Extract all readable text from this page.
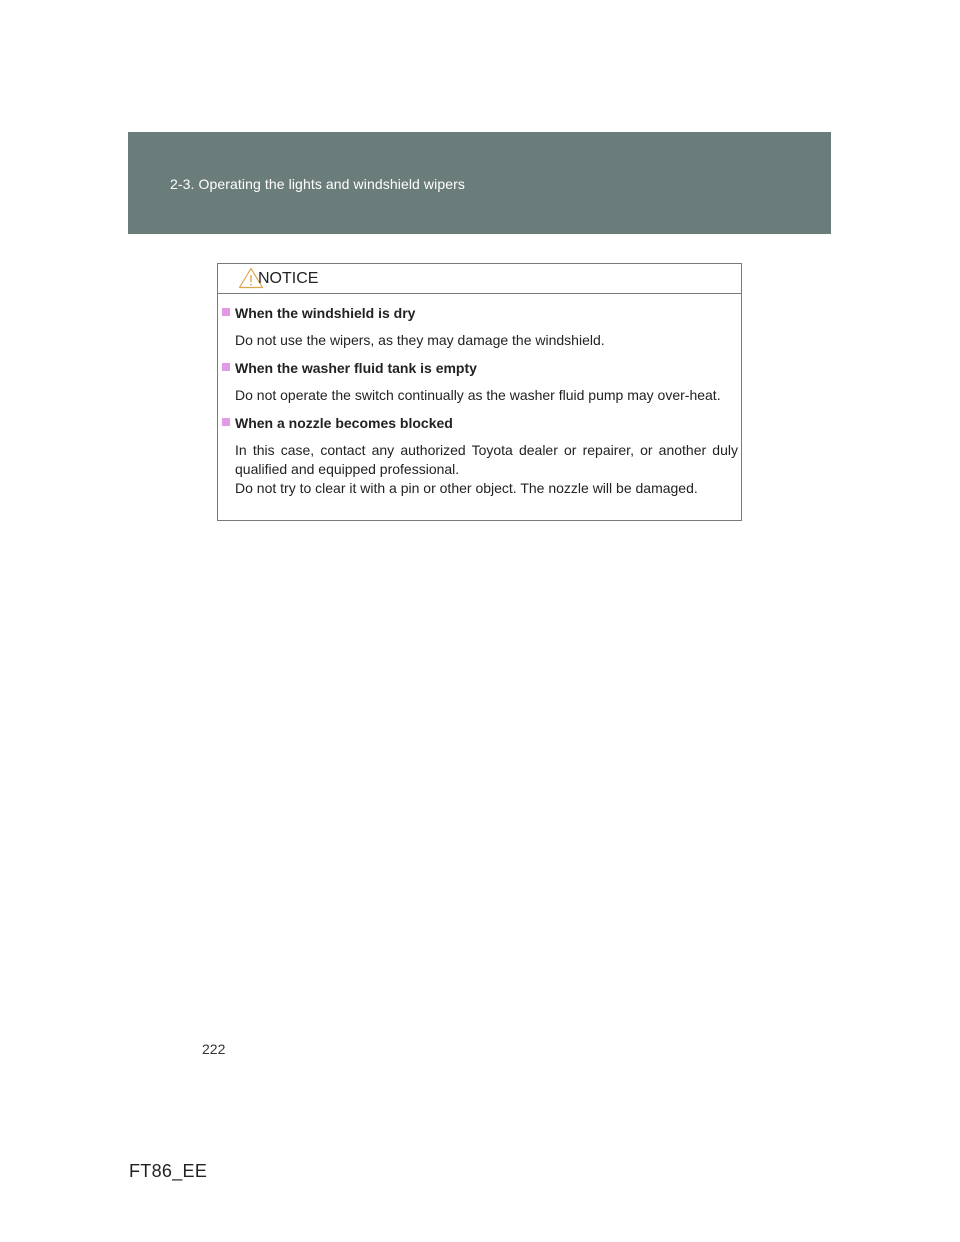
2-3. Operating the lights and windshield wipers
NOTICE
When the windshield is dry

Do not use the wipers, as they may damage the windshield.

When the washer fluid tank is empty

Do not operate the switch continually as the washer fluid pump may over-heat.

When a nozzle becomes blocked

In this case, contact any authorized Toyota dealer or repairer, or another duly qualified and equipped professional.

Do not try to clear it with a pin or other object. The nozzle will be damaged.

222
FT86_EE
